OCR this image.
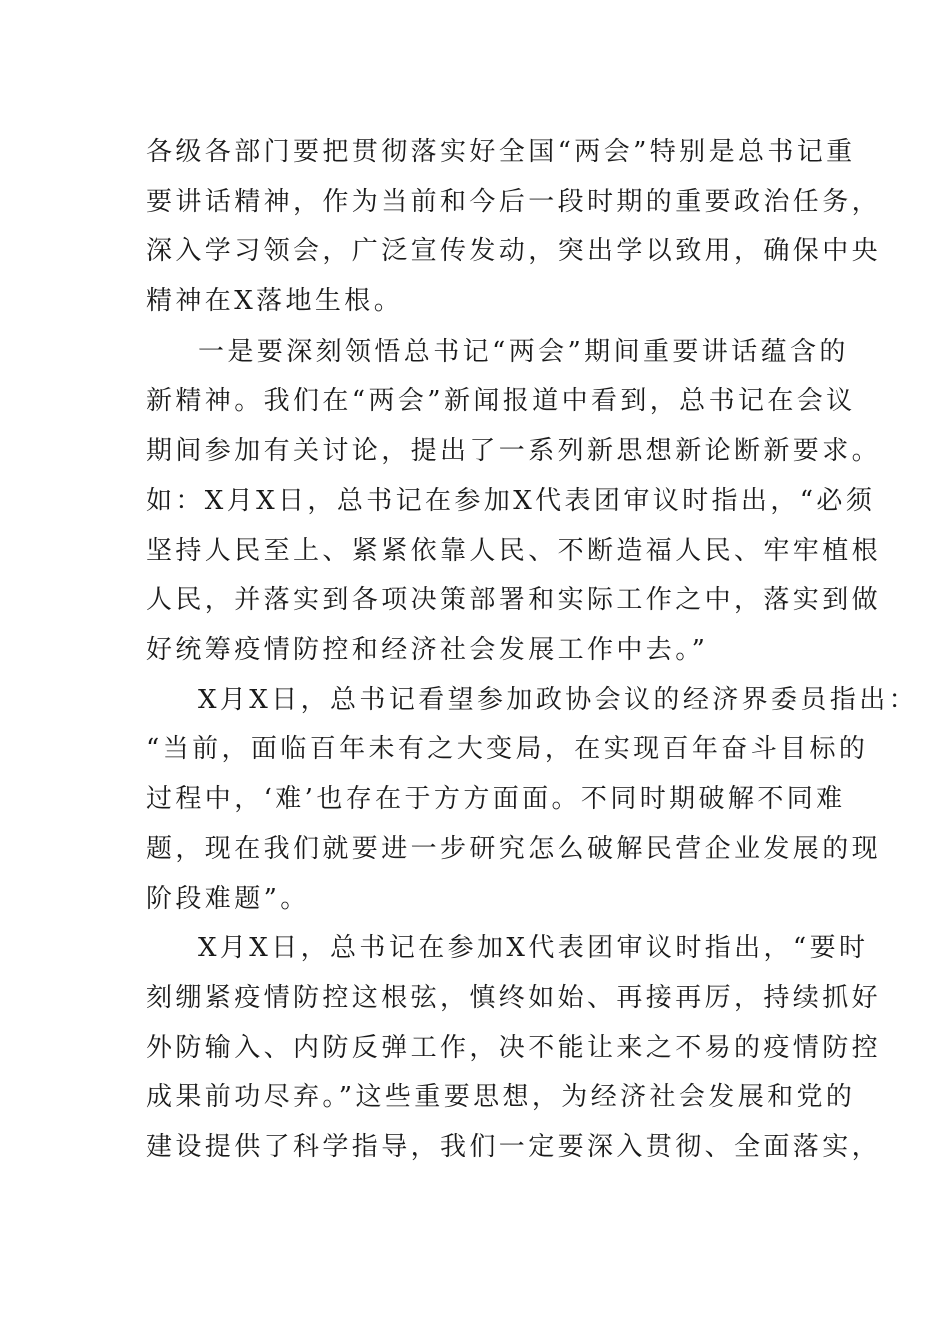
各级各部门要把贯彻落实好全国“两会”特别是总书记重
要讲话精神，作为当前和今后一段时期的重要政治任务，
深入学习领会，广泛宣传发动，突出学以致用，确保中央
精神在X落地生根。
一是要深刻领悟总书记“两会”期间重要讲话蕴含的
新精神。我们在“两会”新闻报道中看到，总书记在会议
期间参加有关讨论，提出了一系列新思想新论断新要求。
如：X月X日，总书记在参加X代表团审议时指出，“必须
坚持人民至上、紧紧依靠人民、不断造福人民、牢牢植根
人民，并落实到各项决策部署和实际工作之中，落实到做
好统筹疫情防控和经济社会发展工作中去。”
X月X日，总书记看望参加政协会议的经济界委员指出：
“当前，面临百年未有之大变局，在实现百年奋斗目标的
过程中，‘难’也存在于方方面面。不同时期破解不同难
题，现在我们就要进一步研究怎么破解民营企业发展的现
阶段难题”。
X月X日，总书记在参加X代表团审议时指出，“要时
刻绷紧疫情防控这根弦，慎终如始、再接再厉，持续抓好
外防输入、内防反弹工作，决不能让来之不易的疫情防控
成果前功尽弃。”这些重要思想，为经济社会发展和党的
建设提供了科学指导，我们一定要深入贯彻、全面落实，
